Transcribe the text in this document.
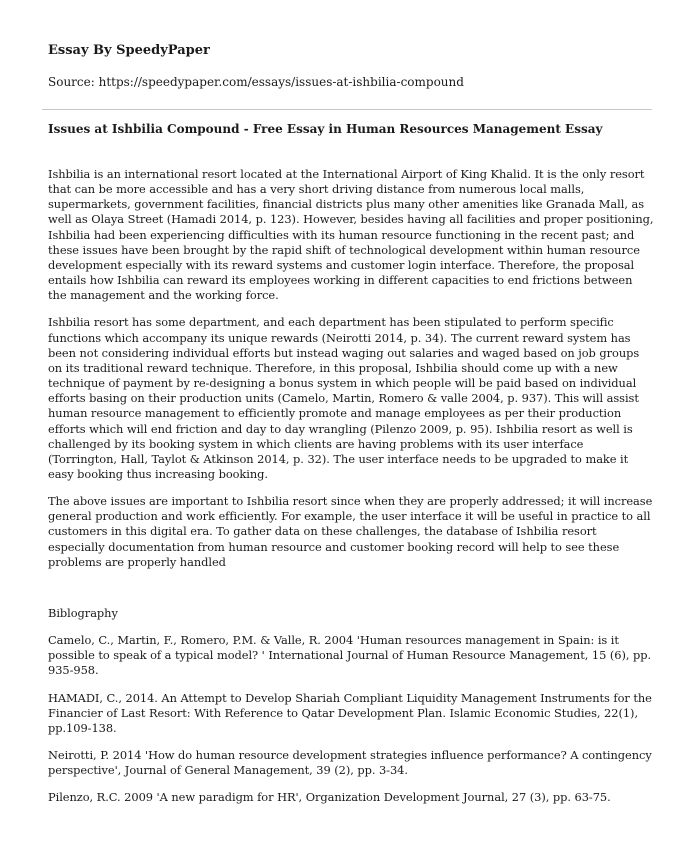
Essay By SpeedyPaper
Source: https://speedypaper.com/essays/issues-at-ishbilia-compound
Issues at Ishbilia Compound - Free Essay in Human Resources Management Essay

Ishbilia is an international resort located at the International Airport of King Khalid. It is the only resort that can be more accessible and has a very short driving distance from numerous local malls, supermarkets, government facilities, financial districts plus many other amenities like Granada Mall, as well as Olaya Street (Hamadi 2014, p. 123). However, besides having all facilities and proper positioning, Ishbilia had been experiencing difficulties with its human resource functioning in the recent past; and these issues have been brought by the rapid shift of technological development within human resource development especially with its reward systems and customer login interface. Therefore, the proposal entails how Ishbilia can reward its employees working in different capacities to end frictions between the management and the working force.

Ishbilia resort has some department, and each department has been stipulated to perform specific functions which accompany its unique rewards (Neirotti 2014, p. 34). The current reward system has been not considering individual efforts but instead waging out salaries and waged based on job groups on its traditional reward technique. Therefore, in this proposal, Ishbilia should come up with a new technique of payment by re-designing a bonus system in which people will be paid based on individual efforts basing on their production units (Camelo, Martin, Romero & valle 2004, p. 937). This will assist human resource management to efficiently promote and manage employees as per their production efforts which will end friction and day to day wrangling (Pilenzo 2009, p. 95). Ishbilia resort as well is challenged by its booking system in which clients are having problems with its user interface (Torrington, Hall, Taylot & Atkinson 2014, p. 32). The user interface needs to be upgraded to make it easy booking thus increasing booking.

The above issues are important to Ishbilia resort since when they are properly addressed; it will increase general production and work efficiently. For example, the user interface it will be useful in practice to all customers in this digital era. To gather data on these challenges, the database of Ishbilia resort especially documentation from human resource and customer booking record will help to see these problems are properly handled

Biblography

Camelo, C., Martin, F., Romero, P.M. & Valle, R. 2004 'Human resources management in Spain: is it possible to speak of a typical model? ' International Journal of Human Resource Management, 15 (6), pp. 935-958.

HAMADI, C., 2014. An Attempt to Develop Shariah Compliant Liquidity Management Instruments for the Financier of Last Resort: With Reference to Qatar Development Plan. Islamic Economic Studies, 22(1), pp.109-138.

Neirotti, P. 2014 'How do human resource development strategies influence performance? A contingency perspective', Journal of General Management, 39 (2), pp. 3-34.

Pilenzo, R.C. 2009 'A new paradigm for HR', Organization Development Journal, 27 (3), pp. 63-75.
